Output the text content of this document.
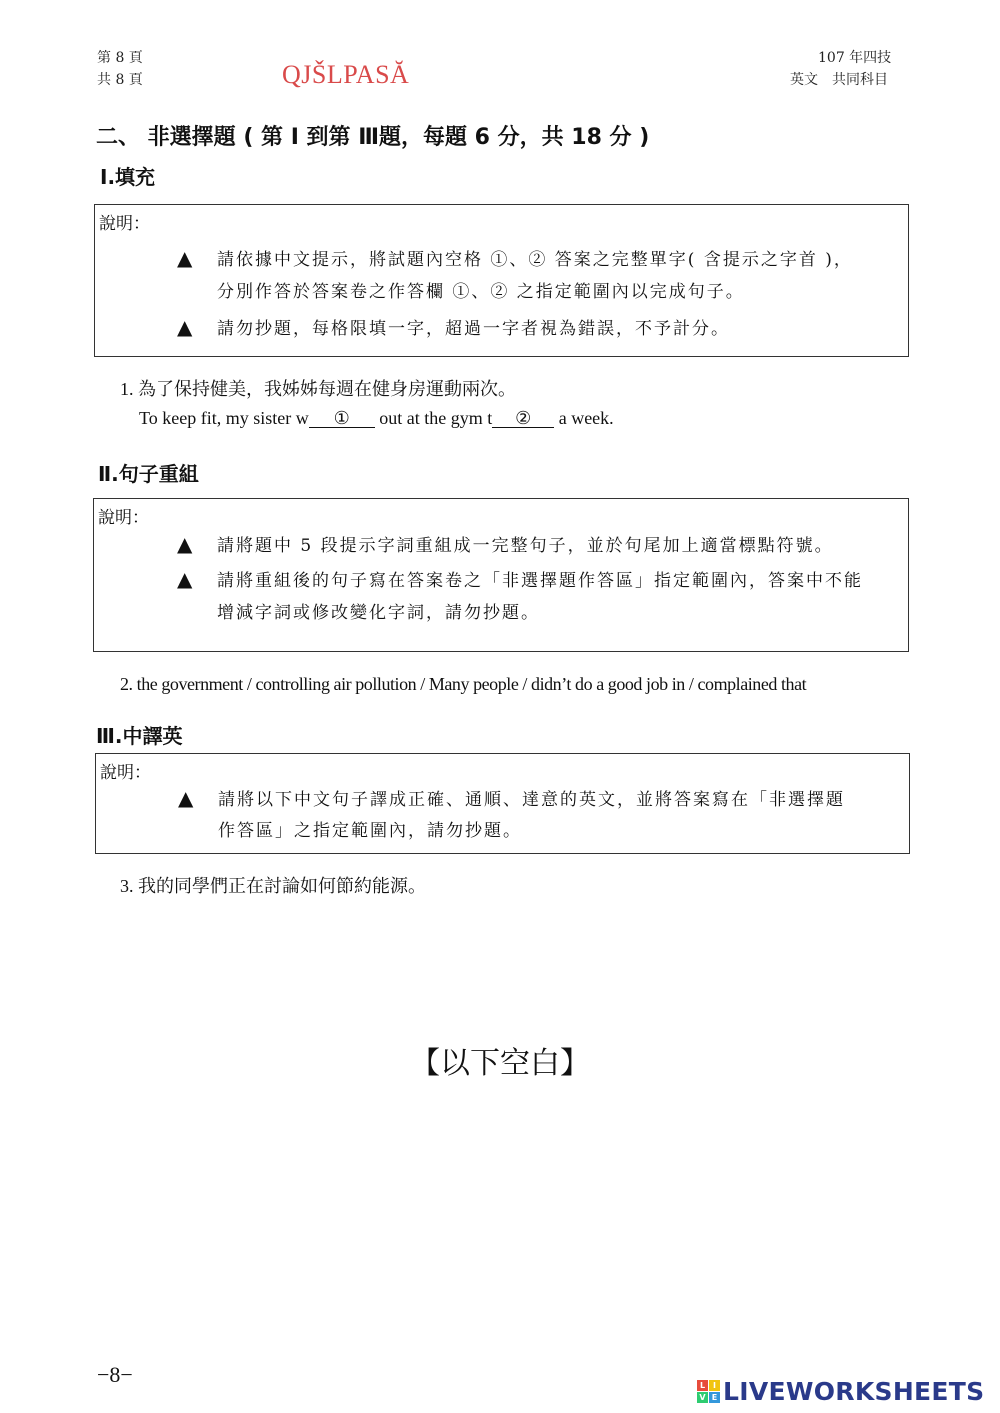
第 8 頁
共 8 頁	QJŠLPASĂ
107 年四技
英文　共同科目
二、 非選擇題 ( 第 Ⅰ 到第 Ⅲ題，每題 6 分，共 18 分 )
Ⅰ.填充
說明：
▲ 請依據中文提示，將試題內空格 ①、② 答案之完整單字( 含提示之字首 )，
分別作答於答案卷之作答欄 ①、② 之指定範圍內以完成句子。
▲ 請勿抄題，每格限填一字，超過一字者視為錯誤，不予計分。
1. 為了保持健美，我姊姊每週在健身房運動兩次。
To keep fit, my sister w ① out at the gym t ② a week.
Ⅱ.句子重組
說明：
▲ 請將題中 5 段提示字詞重組成一完整句子，並於句尾加上適當標點符號。
▲ 請將重組後的句子寫在答案卷之「非選擇題作答區」指定範圍內，答案中不能
增減字詞或修改變化字詞，請勿抄題。
2. the government / controlling air pollution / Many people / didn’t do a good job in / complained that
Ⅲ.中譯英
說明：
▲ 請將以下中文句子譯成正確、通順、達意的英文，並將答案寫在「非選擇題
作答區」之指定範圍內，請勿抄題。
3. 我的同學們正在討論如何節約能源。
【以下空白】
−8−	L I
V E LIVEWORKSHEETS
